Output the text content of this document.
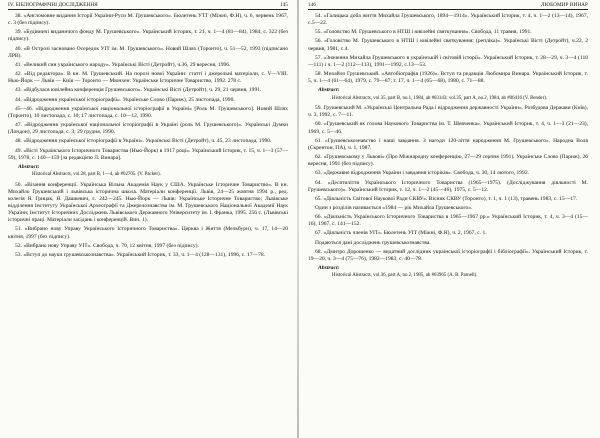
IV. БІБЛІОГРАФІЧНІ ДОСЛІДЖЕННЯ	145

38. «Англомовне видання Історії України-Руси М. Грушевського». Бюлетень УТГ (Міжні, Ф.Н), ч. 6, червень 1967, с. 3 (без підпису).

39. «Будівничі виданичого фонду М. Грушевського». Український Історик, т. 21, ч. 1—4 (81—84), 1984, с. 322 (без підпису).

40. «В Острозі засновано Осередок УІТ ім. М. Грушевського». Новий Шлях (Торонто), ч. 51—52, 1993 (підписано ЛРВ).

41. «Великий син українського народу». Українські Вісті (Детройт), ч.36, 29 вересня, 1996.

42. «Від редактора». В кн. М. Грушевський. На порозі нової України: статті і джерельні матеріали, с. V—VIII. Нью-Йорк — Львів — Київ — Торонто — Мюнхен: Українське Історичне Товариство, 1992. 278 с.

43. «Відбулася ювілейна конференція Грушевського». Українські Вісті (Детройт), ч. 29, 21 червня, 1991.

44. «Відродження української історіографії». Українське Слово (Париж), 25 листопада, 1990.

45—46. «Відродження української національної історіографії в Україні» [Роль М. Грушевського]. Новий Шлях (Торонто), 10 листопада, с. 10; 17 листопада, с. 10—12, 1990.

47. «Відродження української національної історіографії в Україні (роль М. Грушевського)». Українські Думки (Лондон), 29 листопада, с. 3; 29 грудня, 1990.

48. «Відродження української історіографії в Україні». Українські Вісті (Детройт), ч. 45, 23 листопада, 1990.

49. «Вісті Українського Історичного Товариства (Нью-Йорк) в 1917 році». Український Історик, т. 15, ч. 1—3 (57—59), 1978, с. 140—159 [за редакцією Л. Винара].

Abstract:
Historical Abstracts, vol.28, part B, 1—4, ab #02705. (V. Packer).

50. «Візання конференції. Українська Вільна Академія Наук у США. Українське Історичне Товариство». В кн. Михайло Грушевський і львівська історична школа. Матеріали конференції. Львів, 24—25 жовтня 1994 р., ред. колегія Я. Грицак, Я. Дашкевич, с. 242—245. Нью-Йорк — Львів: Українське Історичне Товариство; Львівське відділення Інституту Української Археографії та Джерелознавства ім. М. Грушевського Національної Академії Наук України; Інститут Історичних Досліджень Львівського Державного Університету ім. І. Франка, 1995. 256 с. (Львівські історичні праці. Матеріали засідань і конференцій. Вип. 1).

51. «Вибрано нову Управу Українського Історичного Товариства». Церква і Життя (Мельбурн), ч. 17, 14—20 квітня, 1997 (без підпису).

52. «Вибрано нову Управу УІТ». Свобода, ч. 70, 12 квітня, 1997 (без підпису).

53. «Вступ до науки грушевськознавства». Український Історик, т. 33, ч. 1—4 (128—131), 1996, с. 17—78.

146	ЛЮБОМИР ВИНАР

54. «Галицька доба життя Михайла Грушевського, 1894—1914». Український Історик, т. 4, ч. 1—2 (13—14), 1967, с.5—22.

55. «Головство М. Грушевського в НТШ і ювілейні святкування». Свобода, 11 травня, 1991.

56. «Головство М. Грушевського в НТШ і ювілейні святкування: (репліка)». Українські Вісті (Детройт), ч.22, 2 червня, 1981, с.4.

57. «Значення Михайла Грушевського в українській і світовій історії». Український Історик, т. 28—29, ч. 3—4 (110—111) і ч. 1—2 (112—113), 1991—1992, с.13—53.

58. Михайло Грушевський. «Автобіографія (1926)». Вступ та редакція Любомира Винара. Український Історик, т. 5, ч. 1—4 (61—64), 1979, с. 79—87; т. 17, ч. 1—4 (65—68), 1980, с. 71—88.

Abstract:
Historical Abstracts, vol.35, part B, no.1, 1984, ab #03143; vol.35, part A, no.2, 1984, ab #06416 (V. Bender).

59. Грушевський М. «Українські Центральна Рада і відродження державності України». Розбудова Держави (Київ), ч. 3, 1992, с. 7—11.

60. «Грушевський як голова Наукового Товариства ім. Т. Шевченка». Український Історик, т. 4, ч. 1—3 (21—23), 1969, с. 5—46.

61. «Грушевськознавство і наші завдання. З нагоди 120-ліття народження М. Грушевського». Народна Воля (Скрентон, ПА), ч. 1, 1987.

62. «Грушевському у Львові» (Про Міжнародну конференцію, 27—29 серпня 1991). Українське Слово (Париж), 26 вересня, 1991 (без підпису).

63. «Державне відродження України і завдання історіків». Свобода, ч. 30, 14 лютого, 1992.

64. «Десятиліття Українського Історичного Товариства (1965—1975). (Досліджування діяльності М. Грушевського)». Український Історик, т. 12, ч. 1—2 (45—46), 1975, с. 5—12.

65. «Діяльність Світової Наукової Ради СКВУ». Вісник СКВУ (Торонто), т. 1, ч. 1 (13), травень 1983, с. 15—17.

Один з розділів називається «1984 — рік Михайла Грушевського».

66. «Діяльність Українського Історичного Товариства в 1965—1967 рр.» Український Історик, т. 4, ч. 3—4 (15—16), 1967, с. 141—152.

67. «Діяльність членів УІТ». Бюлетень УІТ (Міжні, Ф.Н), ч. 2, 1967, с. 1.

Подаються дані досліджень грушевськознавства.

68. «Дмитро Дорошенко — видатний дослідник української історіографії і бібліографії». Український Історик, т. 19—20, ч. 3—4 (75—76), 1982—1983, с. 40—78.

Abstract:
Historical Abstracts, vol.36, part A, no.2, 1985, ab #03965 (A. B. Parnell).
